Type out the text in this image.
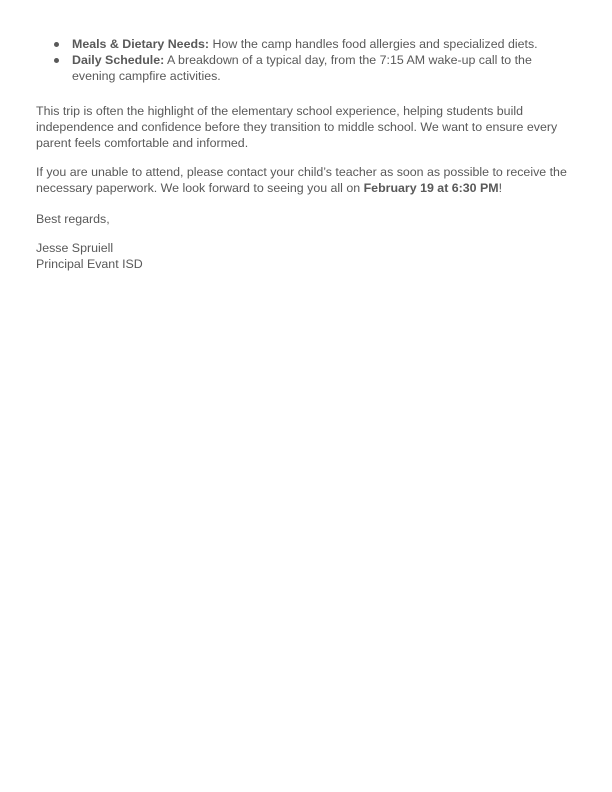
Meals & Dietary Needs: How the camp handles food allergies and specialized diets.
Daily Schedule: A breakdown of a typical day, from the 7:15 AM wake-up call to the evening campfire activities.

This trip is often the highlight of the elementary school experience, helping students build independence and confidence before they transition to middle school. We want to ensure every parent feels comfortable and informed.

If you are unable to attend, please contact your child’s teacher as soon as possible to receive the necessary paperwork. We look forward to seeing you all on February 19 at 6:30 PM!

Best regards,

Jesse Spruiell
Principal Evant ISD
